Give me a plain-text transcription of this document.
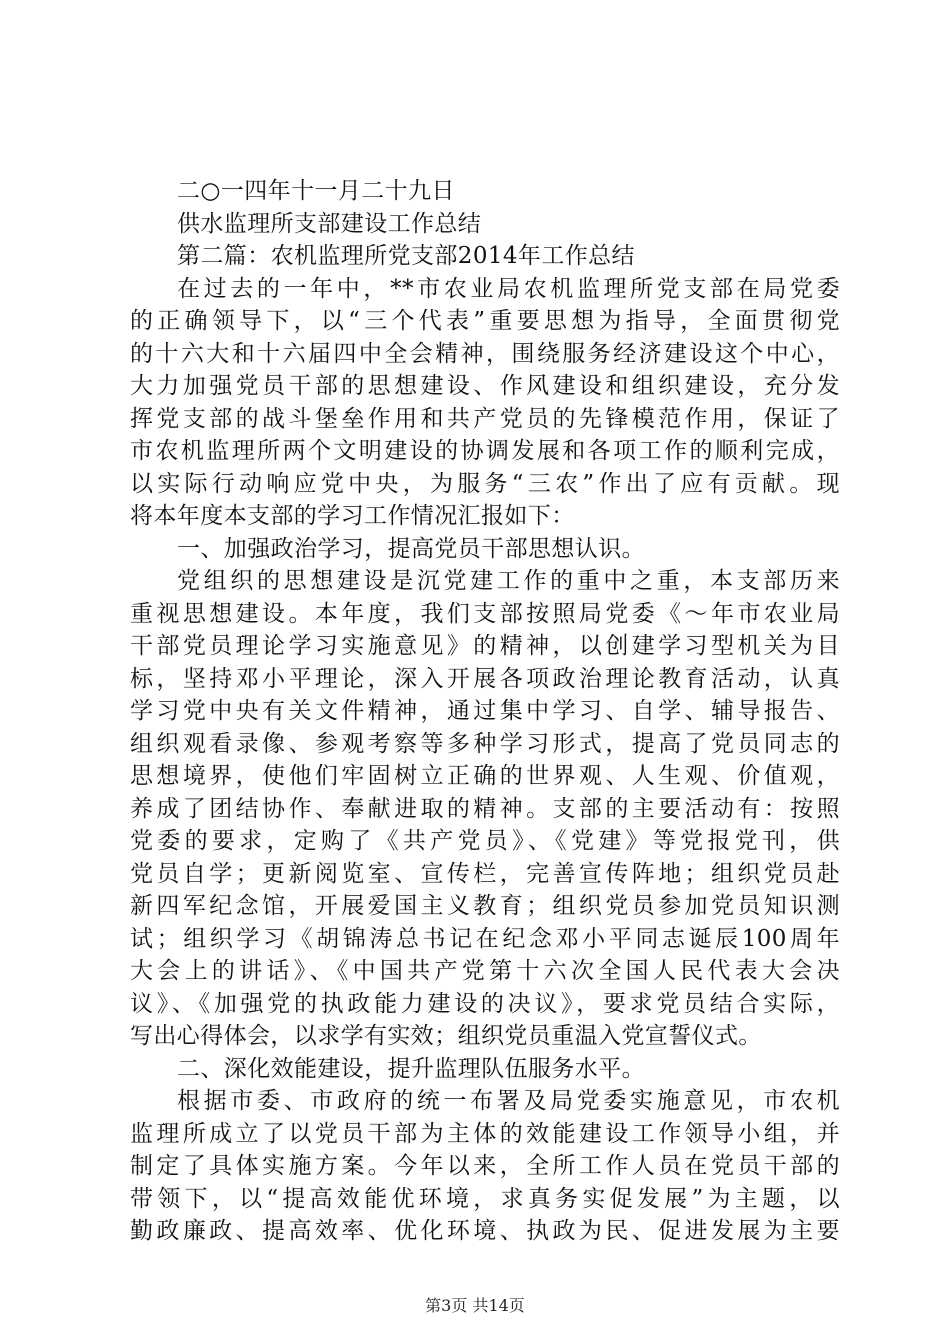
二○一四年十一月二十九日
供水监理所支部建设工作总结
第二篇：农机监理所党支部2014年工作总结
在过去的一年中，**市农业局农机监理所党支部在局党委
的正确领导下，以“三个代表”重要思想为指导，全面贯彻党
的十六大和十六届四中全会精神，围绕服务经济建设这个中心，
大力加强党员干部的思想建设、作风建设和组织建设，充分发
挥党支部的战斗堡垒作用和共产党员的先锋模范作用，保证了
市农机监理所两个文明建设的协调发展和各项工作的顺利完成，
以实际行动响应党中央，为服务“三农”作出了应有贡献。现
将本年度本支部的学习工作情况汇报如下：
一、加强政治学习，提高党员干部思想认识。
党组织的思想建设是沉党建工作的重中之重，本支部历来
重视思想建设。本年度，我们支部按照局党委《～年市农业局
干部党员理论学习实施意见》的精神，以创建学习型机关为目
标，坚持邓小平理论，深入开展各项政治理论教育活动，认真
学习党中央有关文件精神，通过集中学习、自学、辅导报告、
组织观看录像、参观考察等多种学习形式，提高了党员同志的
思想境界，使他们牢固树立正确的世界观、人生观、价值观，
养成了团结协作、奉献进取的精神。支部的主要活动有：按照
党委的要求，定购了《共产党员》、《党建》等党报党刊，供
党员自学；更新阅览室、宣传栏，完善宣传阵地；组织党员赴
新四军纪念馆，开展爱国主义教育；组织党员参加党员知识测
试；组织学习《胡锦涛总书记在纪念邓小平同志诞辰100周年
大会上的讲话》、《中国共产党第十六次全国人民代表大会决
议》、《加强党的执政能力建设的决议》，要求党员结合实际，
写出心得体会，以求学有实效；组织党员重温入党宣誓仪式。
二、深化效能建设，提升监理队伍服务水平。
根据市委、市政府的统一布署及局党委实施意见，市农机
监理所成立了以党员干部为主体的效能建设工作领导小组，并
制定了具体实施方案。今年以来，全所工作人员在党员干部的
带领下，以“提高效能优环境，求真务实促发展”为主题，以
勤政廉政、提高效率、优化环境、执政为民、促进发展为主要
第3页 共14页
